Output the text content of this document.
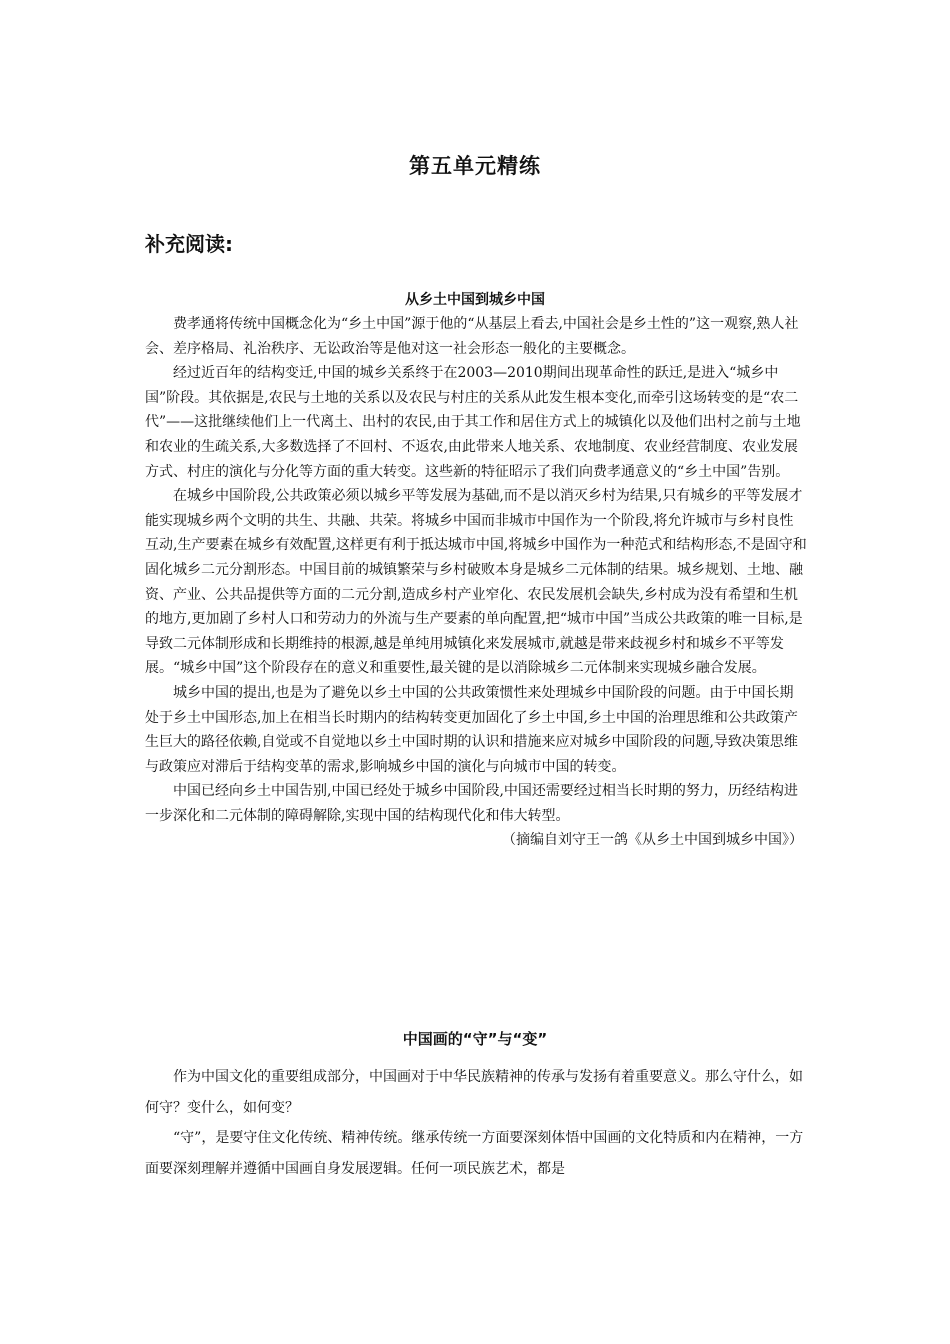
第五单元精练
补充阅读:
从乡土中国到城乡中国

费孝通将传统中国概念化为“乡土中国”源于他的“从基层上看去,中国社会是乡土性的”这一观察,熟人社会、差序格局、礼治秩序、无讼政治等是他对这一社会形态一般化的主要概念。

经过近百年的结构变迁,中国的城乡关系终于在2003—2010期间出现革命性的跃迁,是进入“城乡中国”阶段。其依据是,农民与土地的关系以及农民与村庄的关系从此发生根本变化,而牵引这场转变的是“农二代”——这批继续他们上一代离土、出村的农民,由于其工作和居住方式上的城镇化以及他们出村之前与土地和农业的生疏关系,大多数选择了不回村、不返农,由此带来人地关系、农地制度、农业经营制度、农业发展方式、村庄的演化与分化等方面的重大转变。这些新的特征昭示了我们向费孝通意义的“乡土中国”告别。

在城乡中国阶段,公共政策必须以城乡平等发展为基础,而不是以消灭乡村为结果,只有城乡的平等发展才能实现城乡两个文明的共生、共融、共荣。将城乡中国而非城市中国作为一个阶段,将允许城市与乡村良性互动,生产要素在城乡有效配置,这样更有利于抵达城市中国,将城乡中国作为一种范式和结构形态,不是固守和固化城乡二元分割形态。中国目前的城镇繁荣与乡村破败本身是城乡二元体制的结果。城乡规划、土地、融资、产业、公共品提供等方面的二元分割,造成乡村产业窄化、农民发展机会缺失,乡村成为没有希望和生机的地方,更加剧了乡村人口和劳动力的外流与生产要素的单向配置,把“城市中国”当成公共政策的唯一目标,是导致二元体制形成和长期维持的根源,越是单纯用城镇化来发展城市,就越是带来歧视乡村和城乡不平等发展。“城乡中国”这个阶段存在的意义和重要性,最关键的是以消除城乡二元体制来实现城乡融合发展。

城乡中国的提出,也是为了避免以乡土中国的公共政策惯性来处理城乡中国阶段的问题。由于中国长期处于乡土中国形态,加上在相当长时期内的结构转变更加固化了乡土中国,乡土中国的治理思维和公共政策产生巨大的路径依赖,自觉或不自觉地以乡土中国时期的认识和措施来应对城乡中国阶段的问题,导致决策思维与政策应对滞后于结构变革的需求,影响城乡中国的演化与向城市中国的转变。

中国已经向乡土中国告别,中国已经处于城乡中国阶段,中国还需要经过相当长时期的努力，历经结构进一步深化和二元体制的障碍解除,实现中国的结构现代化和伟大转型。

（摘编自刘守王一鸽《从乡土中国到城乡中国》）
中国画的“守”与“变”

作为中国文化的重要组成部分，中国画对于中华民族精神的传承与发扬有着重要意义。那么守什么，如何守？变什么，如何变？

“守”，是要守住文化传统、精神传统。继承传统一方面要深刻体悟中国画的文化特质和内在精神，一方面要深刻理解并遵循中国画自身发展逻辑。任何一项民族艺术，都是
